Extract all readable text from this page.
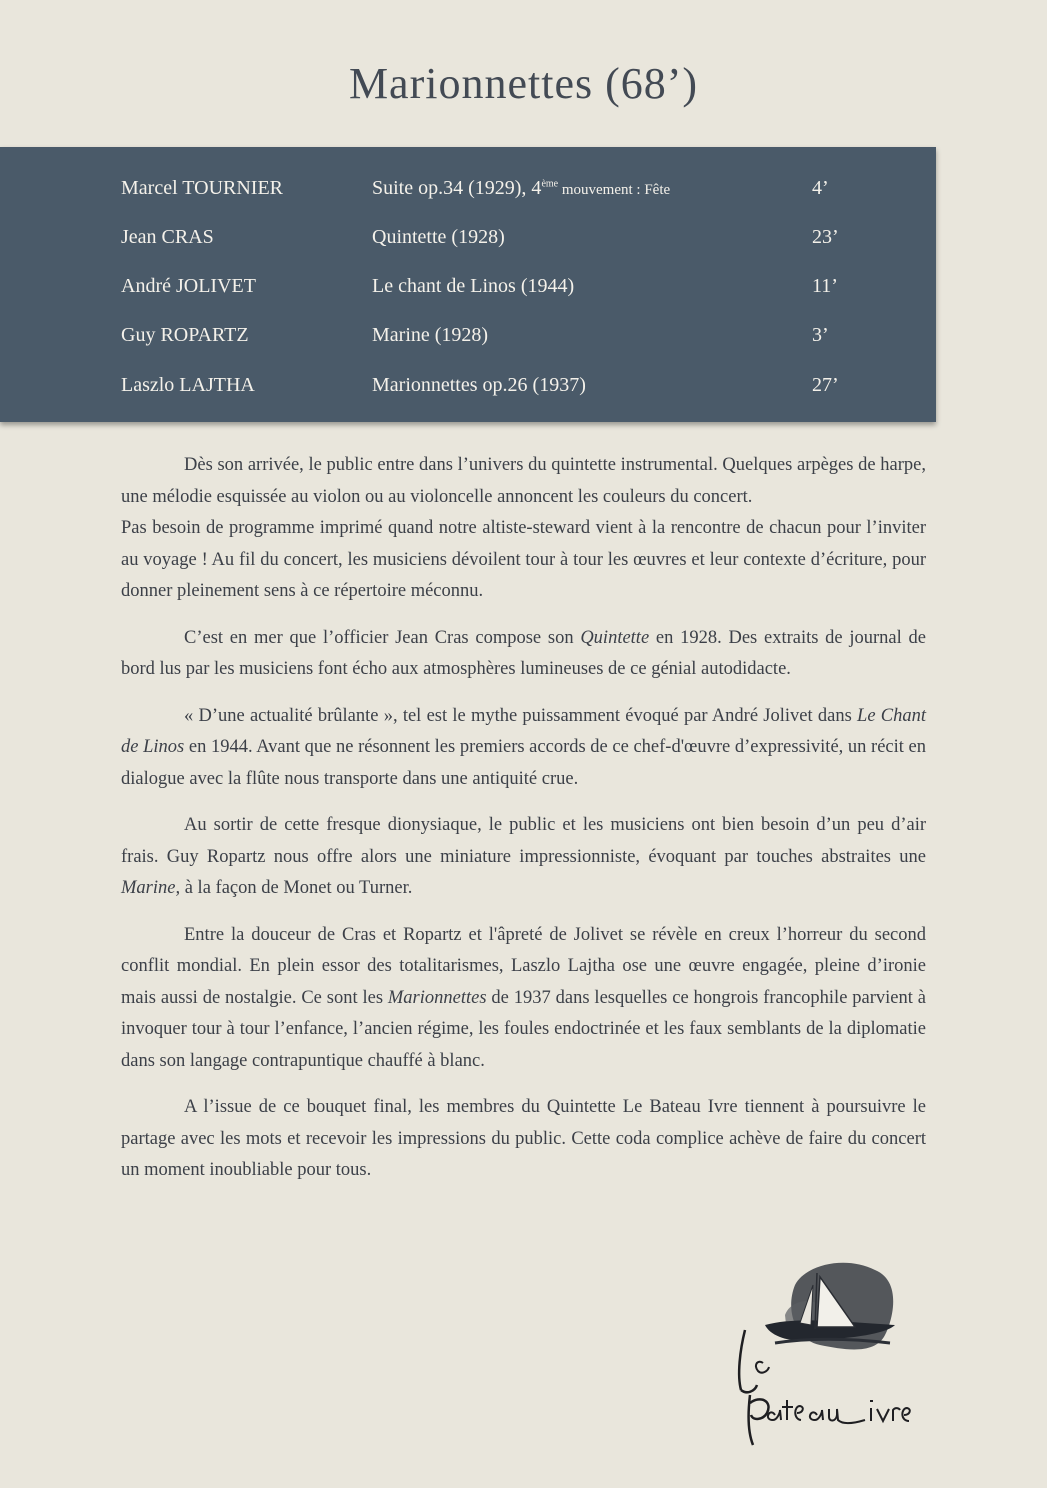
Marionnettes (68’)
Marcel TOURNIER	Suite op.34 (1929), 4ème mouvement : Fête	4’
Jean CRAS	Quintette (1928)	23’
André JOLIVET	Le chant de Linos (1944)	11’
Guy ROPARTZ	Marine (1928)	3’
Laszlo LAJTHA	Marionnettes op.26 (1937)	27’

Dès son arrivée, le public entre dans l’univers du quintette instrumental. Quelques arpèges de harpe, une mélodie esquissée au violon ou au violoncelle annoncent les couleurs du concert.

Pas besoin de programme imprimé quand notre altiste-steward vient à la rencontre de chacun pour l’inviter au voyage ! Au fil du concert, les musiciens dévoilent tour à tour les œuvres et leur contexte d’écriture, pour donner pleinement sens à ce répertoire méconnu.

C’est en mer que l’officier Jean Cras compose son Quintette en 1928. Des extraits de journal de bord lus par les musiciens font écho aux atmosphères lumineuses de ce génial autodidacte.

« D’une actualité brûlante », tel est le mythe puissamment évoqué par André Jolivet dans Le Chant de Linos en 1944. Avant que ne résonnent les premiers accords de ce chef-d'œuvre d’expressivité, un récit en dialogue avec la flûte nous transporte dans une antiquité crue.

Au sortir de cette fresque dionysiaque, le public et les musiciens ont bien besoin d’un peu d’air frais. Guy Ropartz nous offre alors une miniature impressionniste, évoquant par touches abstraites une Marine, à la façon de Monet ou Turner.

Entre la douceur de Cras et Ropartz et l'âpreté de Jolivet se révèle en creux l’horreur du second conflit mondial. En plein essor des totalitarismes, Laszlo Lajtha ose une œuvre engagée, pleine d’ironie mais aussi de nostalgie. Ce sont les Marionnettes de 1937 dans lesquelles ce hongrois francophile parvient à invoquer tour à tour l’enfance, l’ancien régime, les foules endoctrinée et les faux semblants de la diplomatie dans son langage contrapuntique chauffé à blanc.

A l’issue de ce bouquet final, les membres du Quintette Le Bateau Ivre tiennent à poursuivre le partage avec les mots et recevoir les impressions du public. Cette coda complice achève de faire du concert un moment inoubliable pour tous.
